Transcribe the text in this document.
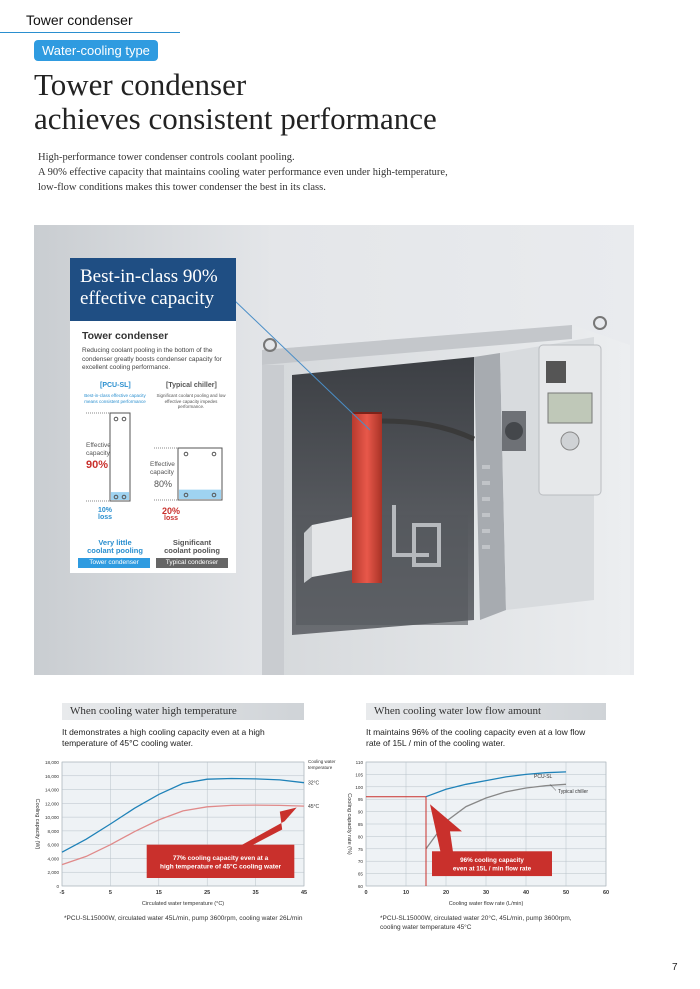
Tower condenser
Water-cooling type
Tower condenser
achieves consistent performance
High-performance tower condenser controls coolant pooling.
A 90% effective capacity that maintains cooling water performance even under high-temperature,
low-flow conditions makes this tower condenser the best in its class.
Best-in-class 90%
effective capacity
Tower condenser
Reducing coolant pooling in the bottom of the condenser greatly boosts condenser capacity for excellent cooling performance.
[PCU-SL]	[Typical chiller]
Best-in-class effective capacity means consistent performance
Significant coolant pooling and low effective capacity impedes performance.
Effective
capacity
90%	Effective
capacity
80%
10%
loss
20%
loss
Very little
coolant pooling
Significant
coolant pooling
Tower condenser	Typical condenser
When cooling water high temperature
It demonstrates a high cooling capacity even at a high
temperature of 45°C cooling water.
0
2,000
4,000
6,000
8,000
10,000
12,000
14,000
16,000
18,000
-5	5	15	25	35	45
Circulated water temperature (°C)
Cooling capacity (W)
Cooling water
temperature
32°C
45°C
77% cooling capacity even at a
high temperature of 45°C cooling water
*PCU-SL15000W, circulated water 45L/min, pump 3600rpm, cooling water 26L/min
When cooling water low flow amount
It maintains 96% of the cooling capacity even at a low flow
rate of 15L / min of the cooling water.
60
65
70
75
80
85
90
95
100
105
110
0	10	20	30	40	50	60
Cooling water flow rate (L/min)
Cooling capacity rate (%)
PCU-SL
Typical chiller
96% cooling capacity
even at 15L / min flow rate
*PCU-SL15000W, circulated water 20°C, 45L/min, pump 3600rpm,
cooling water temperature 45°C
7
